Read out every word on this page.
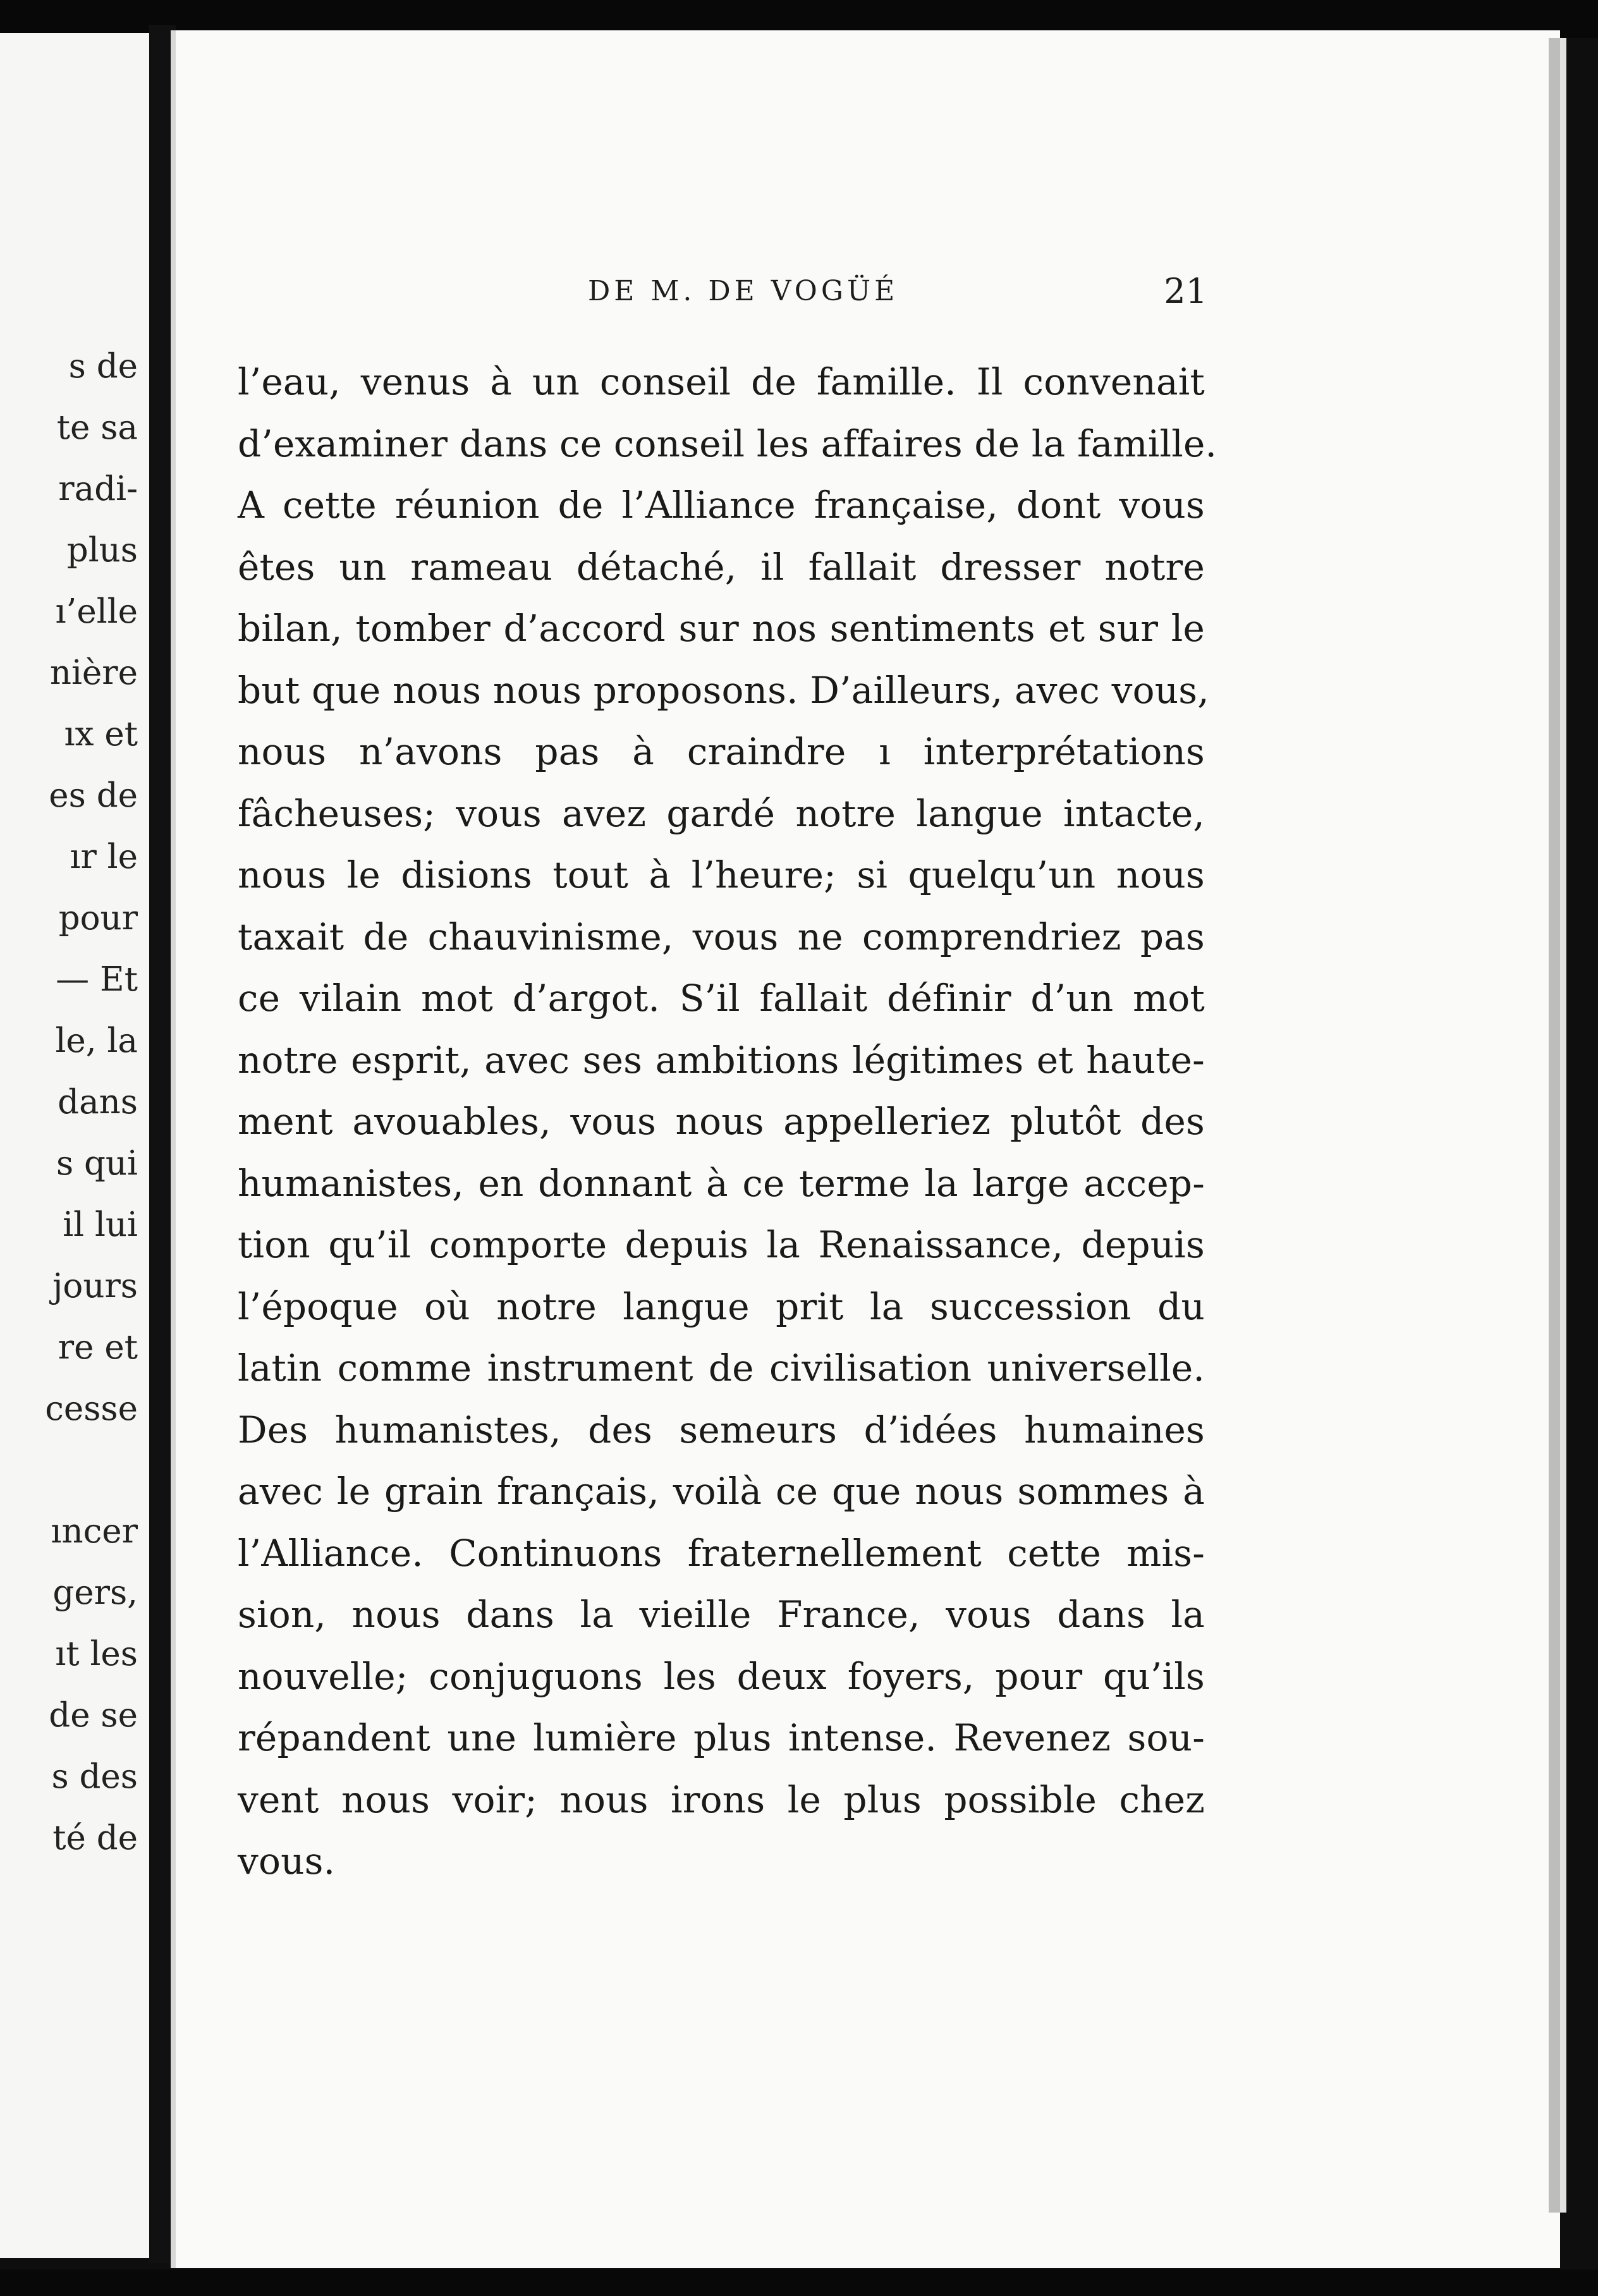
s de

te sa

radi-

plus

ı’elle

nière

ıx et

es de

ır le

pour

— Et

le, la

dans

s qui

il lui

jours

re et

cesse

ıncer

gers,

ıt les

de se

s des

té de

DE M. DE VOGÜÉ	21
l’eau, venus à un conseil de famille. Il convenait
d’examiner dans ce conseil les affaires de la famille.
A cette réunion de l’Alliance française, dont vous
êtes un rameau détaché, il fallait dresser notre
bilan, tomber d’accord sur nos sentiments et sur le
but que nous nous proposons. D’ailleurs, avec vous,
nous n’avons pas à craindre ı interprétations
fâcheuses; vous avez gardé notre langue intacte,
nous le disions tout à l’heure; si quelqu’un nous
taxait de chauvinisme, vous ne comprendriez pas
ce vilain mot d’argot. S’il fallait définir d’un mot
notre esprit, avec ses ambitions légitimes et haute-
ment avouables, vous nous appelleriez plutôt des
humanistes, en donnant à ce terme la large accep-
tion qu’il comporte depuis la Renaissance, depuis
l’époque où notre langue prit la succession du
latin comme instrument de civilisation universelle.
Des humanistes, des semeurs d’idées humaines
avec le grain français, voilà ce que nous sommes à
l’Alliance. Continuons fraternellement cette mis-
sion, nous dans la vieille France, vous dans la
nouvelle; conjuguons les deux foyers, pour qu’ils
répandent une lumière plus intense. Revenez sou-
vent nous voir; nous irons le plus possible chez
vous.
